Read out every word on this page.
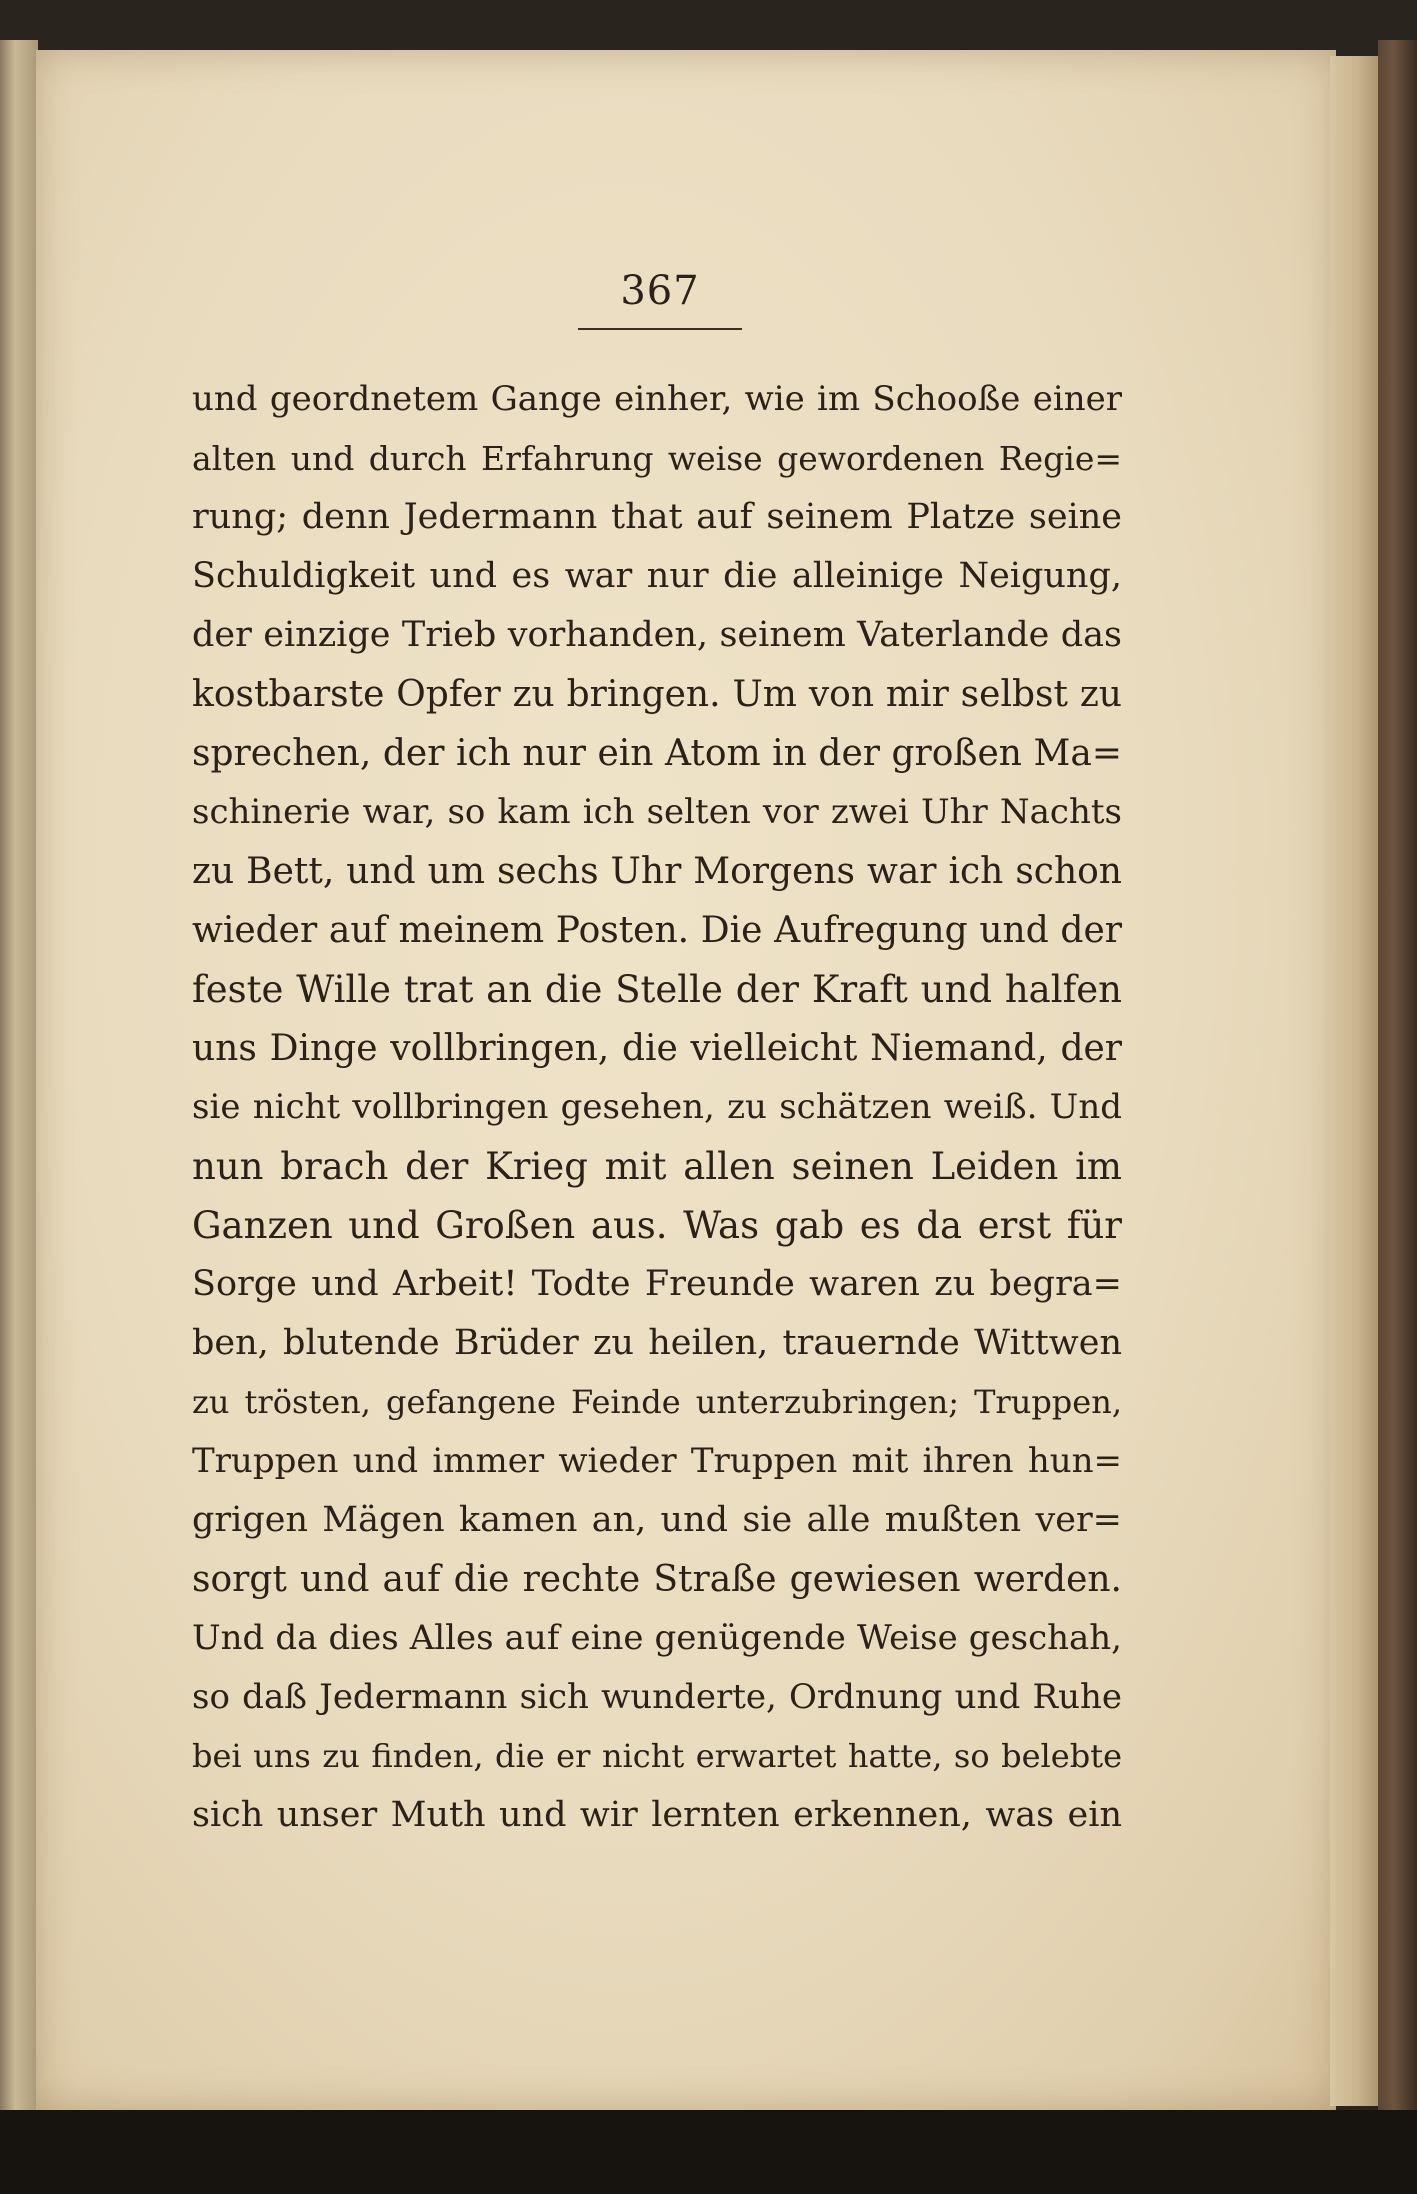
367
und geordnetem Gange einher, wie im Schooße einer
alten und durch Erfahrung weise gewordenen Regie=
rung; denn Jedermann that auf seinem Platze seine
Schuldigkeit und es war nur die alleinige Neigung,
der einzige Trieb vorhanden, seinem Vaterlande das
kostbarste Opfer zu bringen. Um von mir selbst zu
sprechen, der ich nur ein Atom in der großen Ma=
schinerie war, so kam ich selten vor zwei Uhr Nachts
zu Bett, und um sechs Uhr Morgens war ich schon
wieder auf meinem Posten. Die Aufregung und der
feste Wille trat an die Stelle der Kraft und halfen
uns Dinge vollbringen, die vielleicht Niemand, der
sie nicht vollbringen gesehen, zu schätzen weiß. Und
nun brach der Krieg mit allen seinen Leiden im
Ganzen und Großen aus. Was gab es da erst für
Sorge und Arbeit! Todte Freunde waren zu begra=
ben, blutende Brüder zu heilen, trauernde Wittwen
zu trösten, gefangene Feinde unterzubringen; Truppen,
Truppen und immer wieder Truppen mit ihren hun=
grigen Mägen kamen an, und sie alle mußten ver=
sorgt und auf die rechte Straße gewiesen werden.
Und da dies Alles auf eine genügende Weise geschah,
so daß Jedermann sich wunderte, Ordnung und Ruhe
bei uns zu finden, die er nicht erwartet hatte, so belebte
sich unser Muth und wir lernten erkennen, was ein
